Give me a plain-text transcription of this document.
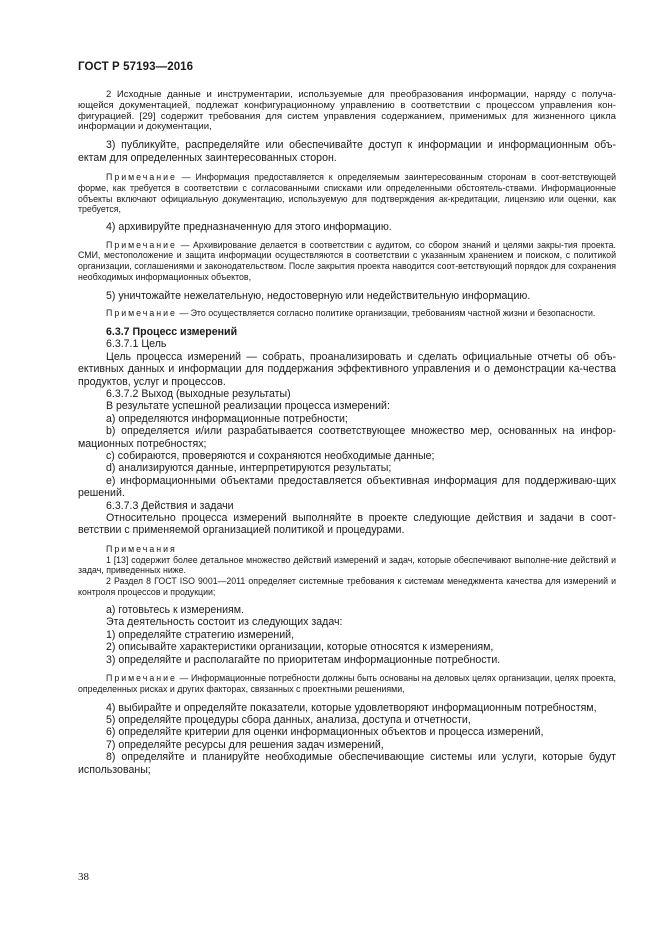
ГОСТ Р 57193—2016

2 Исходные данные и инструментарии, используемые для преобразования информации, наряду с получа-ющейся документацией, подлежат конфигурационному управлению в соответствии с процессом управления кон-фигурацией. [29] содержит требования для систем управления содержанием, применимых для жизненного цикла информации и документации,

3) публикуйте, распределяйте или обеспечивайте доступ к информации и информационным объ-ектам для определенных заинтересованных сторон.

Примечание — Информация предоставляется к определяемым заинтересованным сторонам в соот-ветствующей форме, как требуется в соответствии с согласованными списками или определенными обстоятель-ствами. Информационные объекты включают официальную документацию, используемую для подтверждения ак-кредитации, лицензию или оценки, как требуется,

4) архивируйте предназначенную для этого информацию.

Примечание — Архивирование делается в соответствии с аудитом, со сбором знаний и целями закры-тия проекта. СМИ, местоположение и защита информации осуществляются в соответствии с указанным хранением и поиском, с политикой организации, соглашениями и законодательством. После закрытия проекта наводится соот-ветствующий порядок для сохранения необходимых информационных объектов,

5) уничтожайте нежелательную, недостоверную или недействительную информацию.

Примечание — Это осуществляется согласно политике организации, требованиям частной жизни и безопасности.

6.3.7 Процесс измерений

6.3.7.1 Цель

Цель процесса измерений — собрать, проанализировать и сделать официальные отчеты об объ-ективных данных и информации для поддержания эффективного управления и о демонстрации ка-чества продуктов, услуг и процессов.

6.3.7.2 Выход (выходные результаты)

В результате успешной реализации процесса измерений:

a) определяются информационные потребности;

b) определяется и/или разрабатывается соответствующее множество мер, основанных на инфор-мационных потребностях;

c) собираются, проверяются и сохраняются необходимые данные;

d) анализируются данные, интерпретируются результаты;

e) информационными объектами предоставляется объективная информация для поддерживаю-щих решений.

6.3.7.3 Действия и задачи

Относительно процесса измерений выполняйте в проекте следующие действия и задачи в соот-ветствии с применяемой организацией политикой и процедурами.

Примечания

1 [13] содержит более детальное множество действий измерений и задач, которые обеспечивают выполне-ние действий и задач, приведенных ниже.

2 Раздел 8 ГОСТ ISO 9001—2011 определяет системные требования к системам менеджмента качества для измерений и контроля процессов и продукции;

a) готовьтесь к измерениям.

Эта деятельность состоит из следующих задач:

1) определяйте стратегию измерений,

2) описывайте характеристики организации, которые относятся к измерениям,

3) определяйте и располагайте по приоритетам информационные потребности.

Примечание — Информационные потребности должны быть основаны на деловых целях организации, целях проекта, определенных рисках и других факторах, связанных с проектными решениями,

4) выбирайте и определяйте показатели, которые удовлетворяют информационным потребностям,

5) определяйте процедуры сбора данных, анализа, доступа и отчетности,

6) определяйте критерии для оценки информационных объектов и процесса измерений,

7) определяйте ресурсы для решения задач измерений,

8) определяйте и планируйте необходимые обеспечивающие системы или услуги, которые будут использованы;

38
